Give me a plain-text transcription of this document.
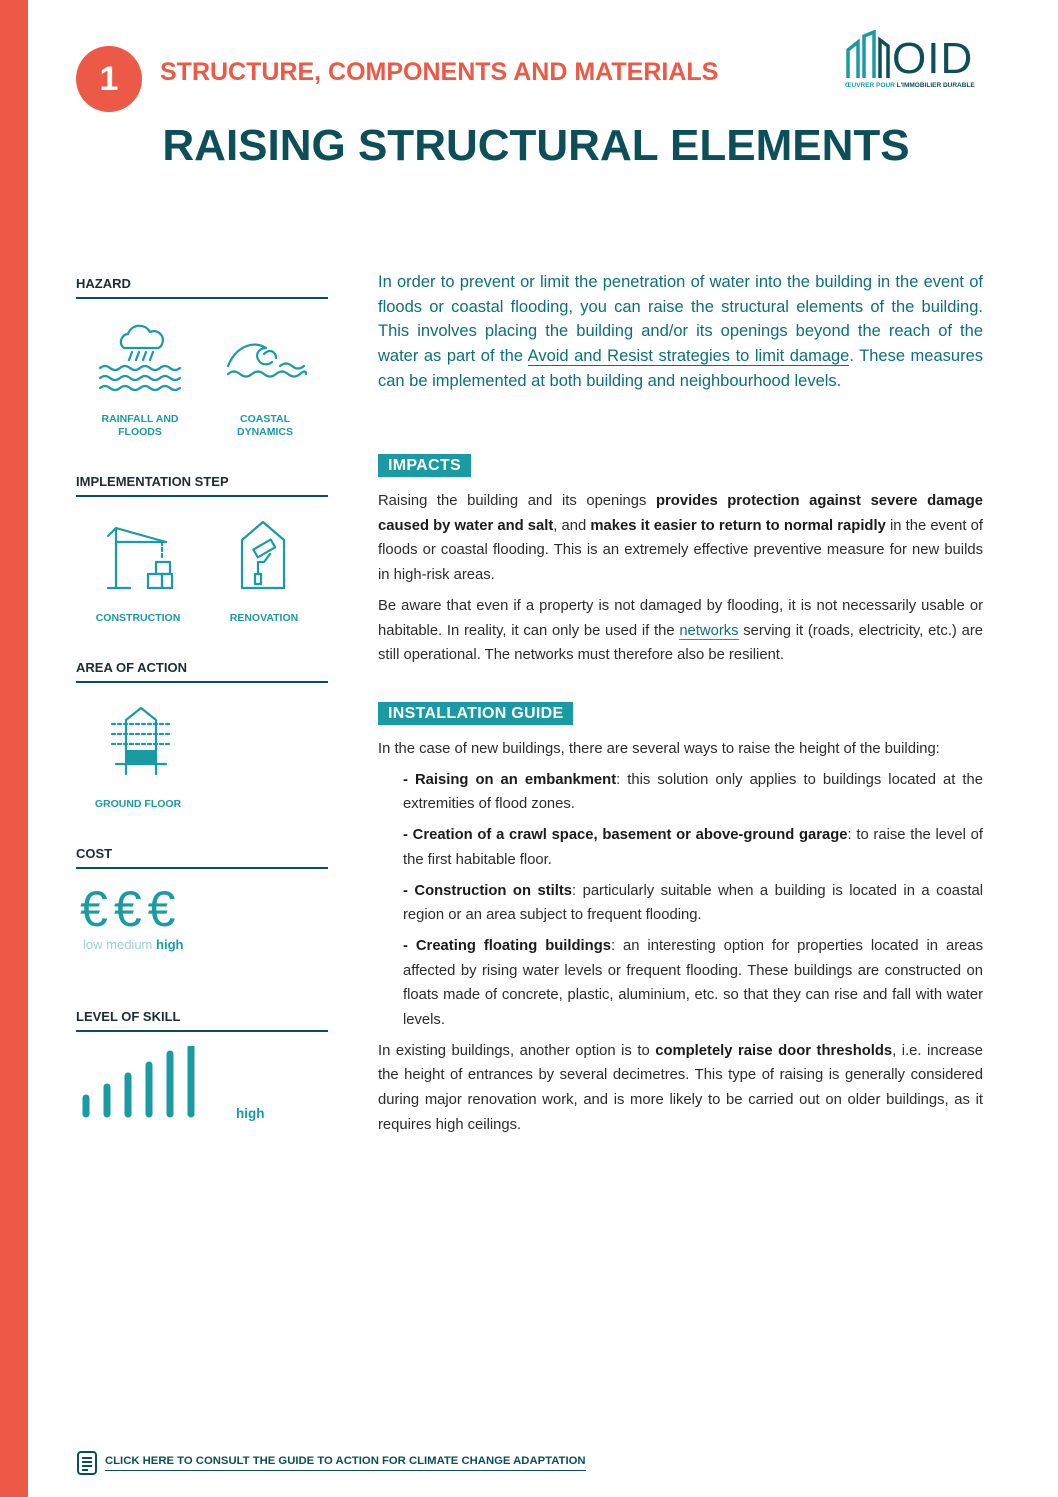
1	STRUCTURE, COMPONENTS AND MATERIALS	OID
ŒUVRER POUR L'IMMOBILIER DURABLE
RAISING STRUCTURAL ELEMENTS
HAZARD
RAINFALL AND
FLOODS
COASTAL
DYNAMICS
IMPLEMENTATION STEP
CONSTRUCTION	RENOVATION
AREA OF ACTION
GROUND FLOOR
COST
€€€
low medium high
LEVEL OF SKILL
high
In order to prevent or limit the penetration of water into the building in the event of floods or coastal flooding, you can raise the structural elements of the building. This involves placing the building and/or its openings beyond the reach of the water as part of the Avoid and Resist strategies to limit damage. These measures can be implemented at both building and neighbourhood levels.
IMPACTS

Raising the building and its openings provides protection against severe damage caused by water and salt, and makes it easier to return to normal rapidly in the event of floods or coastal flooding. This is an extremely effective preventive measure for new builds in high-risk areas.

Be aware that even if a property is not damaged by flooding, it is not necessarily usable or habitable. In reality, it can only be used if the networks serving it (roads, electricity, etc.) are still operational. The networks must therefore also be resilient.

INSTALLATION GUIDE

In the case of new buildings, there are several ways to raise the height of the building:

- Raising on an embankment: this solution only applies to buildings located at the extremities of flood zones.

- Creation of a crawl space, basement or above-ground garage: to raise the level of the first habitable floor.

- Construction on stilts: particularly suitable when a building is located in a coastal region or an area subject to frequent flooding.

- Creating floating buildings: an interesting option for properties located in areas affected by rising water levels or frequent flooding. These buildings are constructed on floats made of concrete, plastic, aluminium, etc. so that they can rise and fall with water levels.

In existing buildings, another option is to completely raise door thresholds, i.e. increase the height of entrances by several decimetres. This type of raising is generally considered during major renovation work, and is more likely to be carried out on older buildings, as it requires high ceilings.

CLICK HERE TO CONSULT THE GUIDE TO ACTION FOR CLIMATE CHANGE ADAPTATION
